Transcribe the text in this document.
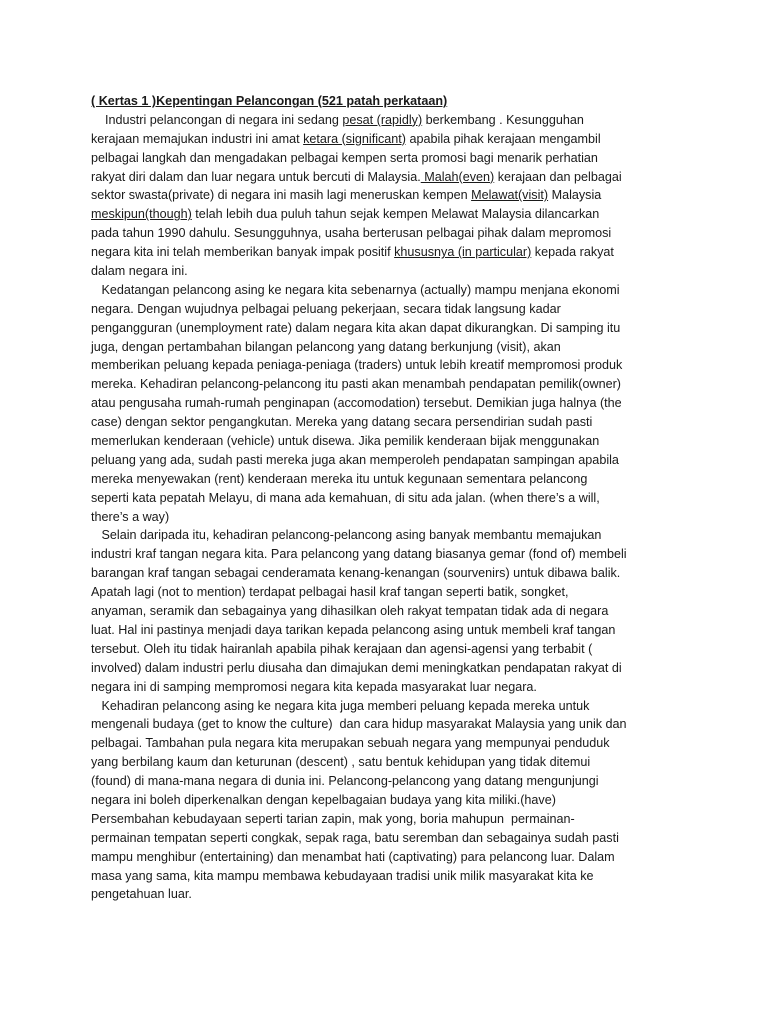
( Kertas 1 )Kepentingan Pelancongan (521 patah perkataan)
Industri pelancongan di negara ini sedang pesat (rapidly) berkembang . Kesungguhan
kerajaan memajukan industri ini amat ketara (significant) apabila pihak kerajaan mengambil
pelbagai langkah dan mengadakan pelbagai kempen serta promosi bagi menarik perhatian
rakyat diri dalam dan luar negara untuk bercuti di Malaysia. Malah(even) kerajaan dan pelbagai
sektor swasta(private) di negara ini masih lagi meneruskan kempen Melawat(visit) Malaysia
meskipun(though) telah lebih dua puluh tahun sejak kempen Melawat Malaysia dilancarkan
pada tahun 1990 dahulu. Sesungguhnya, usaha berterusan pelbagai pihak dalam mepromosi
negara kita ini telah memberikan banyak impak positif khususnya (in particular) kepada rakyat
dalam negara ini.
Kedatangan pelancong asing ke negara kita sebenarnya (actually) mampu menjana ekonomi
negara. Dengan wujudnya pelbagai peluang pekerjaan, secara tidak langsung kadar
pengangguran (unemployment rate) dalam negara kita akan dapat dikurangkan. Di samping itu
juga, dengan pertambahan bilangan pelancong yang datang berkunjung (visit), akan
memberikan peluang kepada peniaga-peniaga (traders) untuk lebih kreatif mempromosi produk
mereka. Kehadiran pelancong-pelancong itu pasti akan menambah pendapatan pemilik(owner)
atau pengusaha rumah-rumah penginapan (accomodation) tersebut. Demikian juga halnya (the
case) dengan sektor pengangkutan. Mereka yang datang secara persendirian sudah pasti
memerlukan kenderaan (vehicle) untuk disewa. Jika pemilik kenderaan bijak menggunakan
peluang yang ada, sudah pasti mereka juga akan memperoleh pendapatan sampingan apabila
mereka menyewakan (rent) kenderaan mereka itu untuk kegunaan sementara pelancong
seperti kata pepatah Melayu, di mana ada kemahuan, di situ ada jalan. (when there’s a will,
there’s a way)
Selain daripada itu, kehadiran pelancong-pelancong asing banyak membantu memajukan
industri kraf tangan negara kita. Para pelancong yang datang biasanya gemar (fond of) membeli
barangan kraf tangan sebagai cenderamata kenang-kenangan (sourvenirs) untuk dibawa balik.
Apatah lagi (not to mention) terdapat pelbagai hasil kraf tangan seperti batik, songket,
anyaman, seramik dan sebagainya yang dihasilkan oleh rakyat tempatan tidak ada di negara
luat. Hal ini pastinya menjadi daya tarikan kepada pelancong asing untuk membeli kraf tangan
tersebut. Oleh itu tidak hairanlah apabila pihak kerajaan dan agensi-agensi yang terbabit (
involved) dalam industri perlu diusaha dan dimajukan demi meningkatkan pendapatan rakyat di
negara ini di samping mempromosi negara kita kepada masyarakat luar negara.
Kehadiran pelancong asing ke negara kita juga memberi peluang kepada mereka untuk
mengenali budaya (get to know the culture)  dan cara hidup masyarakat Malaysia yang unik dan
pelbagai. Tambahan pula negara kita merupakan sebuah negara yang mempunyai penduduk
yang berbilang kaum dan keturunan (descent) , satu bentuk kehidupan yang tidak ditemui
(found) di mana-mana negara di dunia ini. Pelancong-pelancong yang datang mengunjungi
negara ini boleh diperkenalkan dengan kepelbagaian budaya yang kita miliki.(have)
Persembahan kebudayaan seperti tarian zapin, mak yong, boria mahupun  permainan-
permainan tempatan seperti congkak, sepak raga, batu seremban dan sebagainya sudah pasti
mampu menghibur (entertaining) dan menambat hati (captivating) para pelancong luar. Dalam
masa yang sama, kita mampu membawa kebudayaan tradisi unik milik masyarakat kita ke
pengetahuan luar.
